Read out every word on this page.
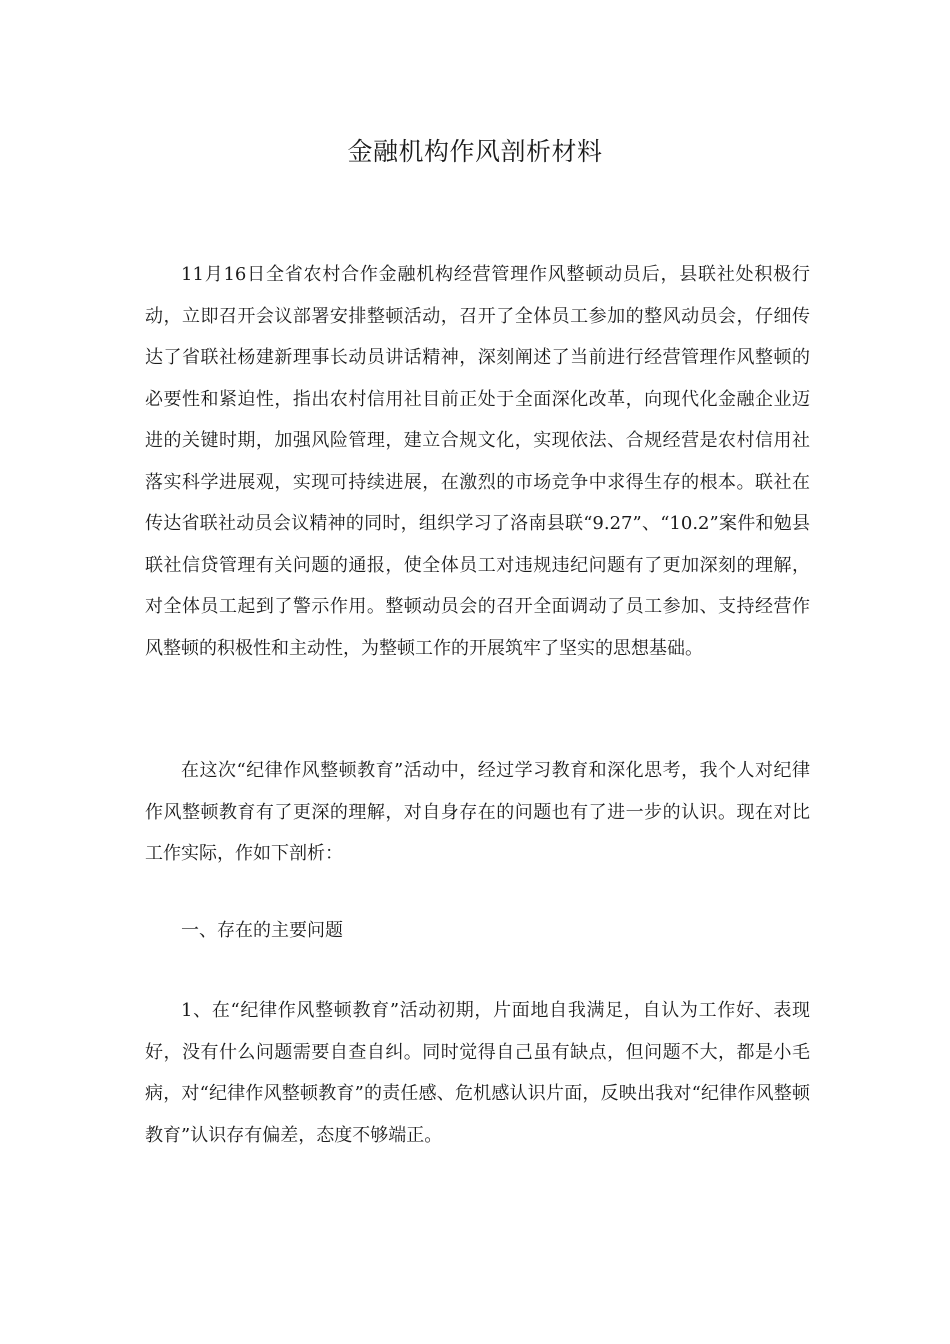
金融机构作风剖析材料

11月16日全省农村合作金融机构经营管理作风整顿动员后，县联社处积极行动，立即召开会议部署安排整顿活动，召开了全体员工参加的整风动员会，仔细传达了省联社杨建新理事长动员讲话精神，深刻阐述了当前进行经营管理作风整顿的必要性和紧迫性，指出农村信用社目前正处于全面深化改革，向现代化金融企业迈进的关键时期，加强风险管理，建立合规文化，实现依法、合规经营是农村信用社落实科学进展观，实现可持续进展，在激烈的市场竞争中求得生存的根本。联社在传达省联社动员会议精神的同时，组织学习了洛南县联“9.27”、“10.2”案件和勉县联社信贷管理有关问题的通报，使全体员工对违规违纪问题有了更加深刻的理解，对全体员工起到了警示作用。整顿动员会的召开全面调动了员工参加、支持经营作风整顿的积极性和主动性，为整顿工作的开展筑牢了坚实的思想基础。

在这次“纪律作风整顿教育”活动中，经过学习教育和深化思考，我个人对纪律作风整顿教育有了更深的理解，对自身存在的问题也有了进一步的认识。现在对比工作实际，作如下剖析：

一、存在的主要问题

1、在“纪律作风整顿教育”活动初期，片面地自我满足，自认为工作好、表现好，没有什么问题需要自查自纠。同时觉得自己虽有缺点，但问题不大，都是小毛病，对“纪律作风整顿教育”的责任感、危机感认识片面，反映出我对“纪律作风整顿教育”认识存有偏差，态度不够端正。
